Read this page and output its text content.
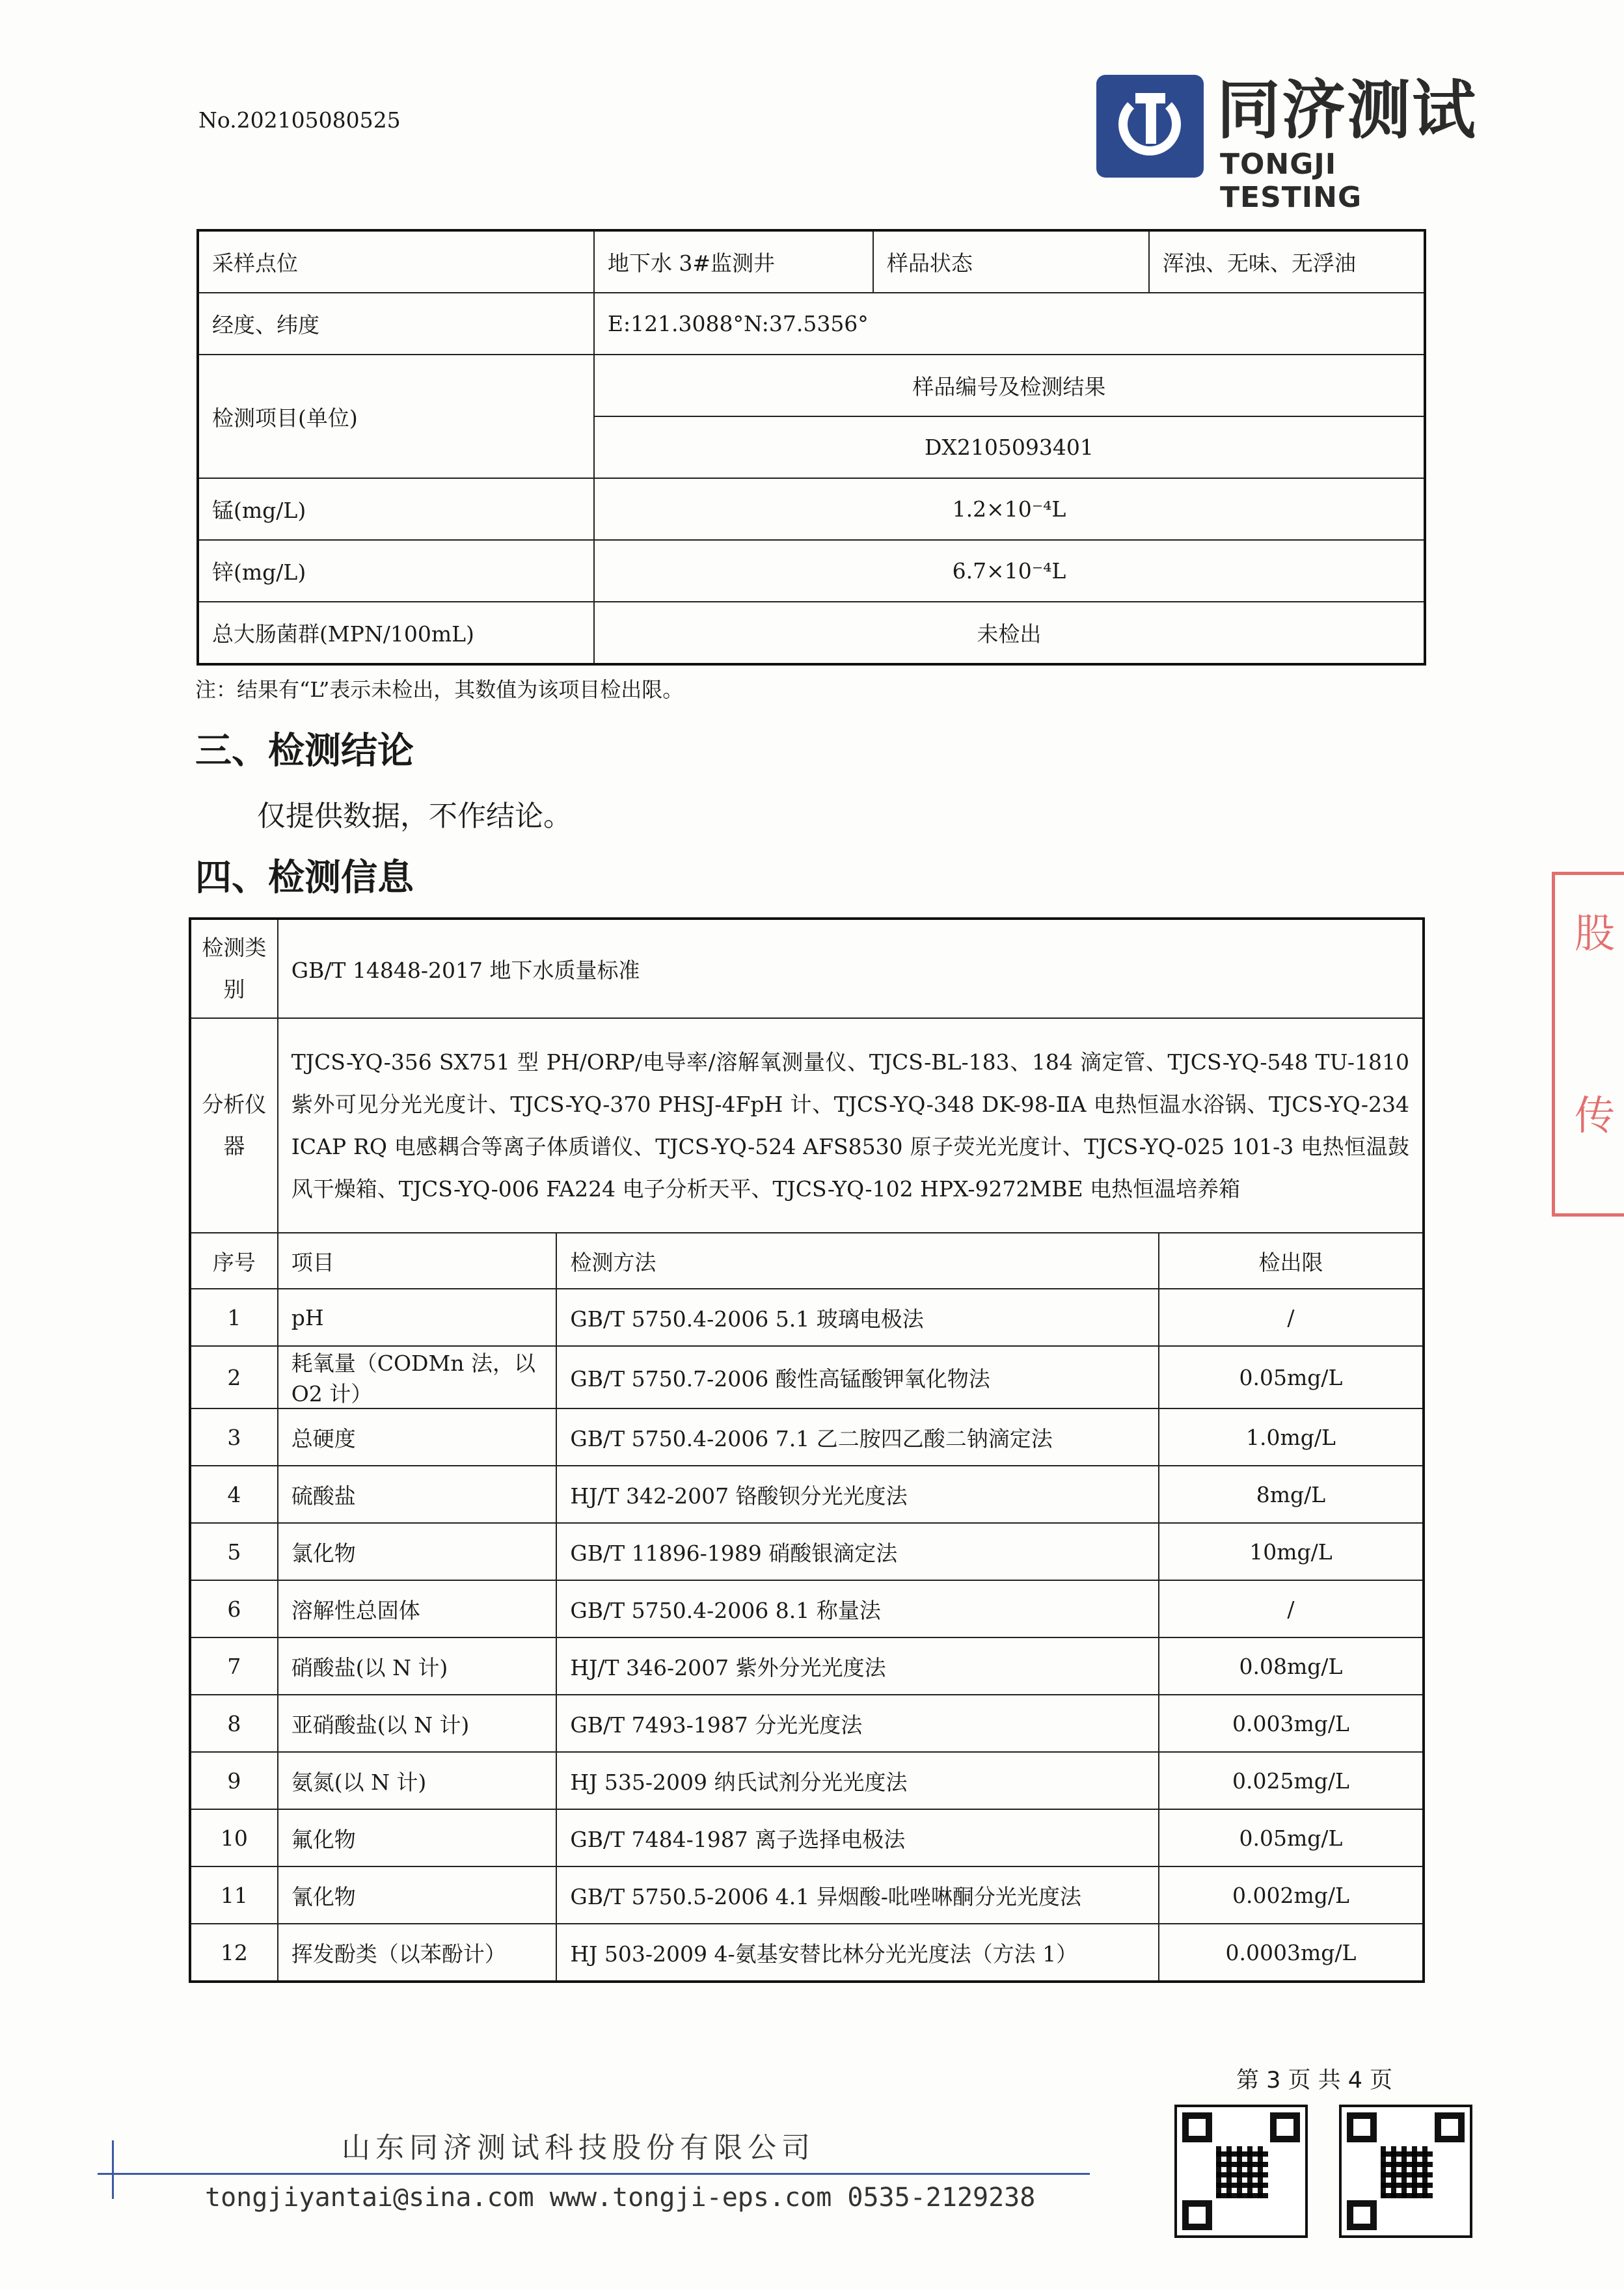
No.202105080525	同济测试
TONGJI TESTING
采样点位	地下水 3#监测井	样品状态	浑浊、无味、无浮油
经度、纬度	E:121.3088°N:37.5356°		
检测项目(单位)	样品编号及检测结果		
	DX2105093401		
锰(mg/L)	1.2×10⁻⁴L		
锌(mg/L)	6.7×10⁻⁴L		
总大肠菌群(MPN/100mL)	未检出		
注：结果有“L”表示未检出，其数值为该项目检出限。
三、检测结论
仅提供数据，不作结论。
四、检测信息
检测类别	GB/T 14848-2017 地下水质量标准		
分析仪器	TJCS-YQ-356 SX751 型 PH/ORP/电导率/溶解氧测量仪、TJCS-BL-183、184 滴定管、TJCS-YQ-548 TU-1810 紫外可见分光光度计、TJCS-YQ-370 PHSJ-4FpH 计、TJCS-YQ-348 DK-98-ⅡA 电热恒温水浴锅、TJCS-YQ-234 ICAP RQ 电感耦合等离子体质谱仪、TJCS-YQ-524 AFS8530 原子荧光光度计、TJCS-YQ-025 101-3 电热恒温鼓风干燥箱、TJCS-YQ-006 FA224 电子分析天平、TJCS-YQ-102 HPX-9272MBE 电热恒温培养箱		
序号	项目	检测方法	检出限
1	pH	GB/T 5750.4-2006 5.1 玻璃电极法	/
2	耗氧量（CODMn 法，以 O2 计）	GB/T 5750.7-2006 酸性高锰酸钾氧化物法	0.05mg/L
3	总硬度	GB/T 5750.4-2006 7.1 乙二胺四乙酸二钠滴定法	1.0mg/L
4	硫酸盐	HJ/T 342-2007 铬酸钡分光光度法	8mg/L
5	氯化物	GB/T 11896-1989 硝酸银滴定法	10mg/L
6	溶解性总固体	GB/T 5750.4-2006 8.1 称量法	/
7	硝酸盐(以 N 计)	HJ/T 346-2007 紫外分光光度法	0.08mg/L
8	亚硝酸盐(以 N 计)	GB/T 7493-1987 分光光度法	0.003mg/L
9	氨氮(以 N 计)	HJ 535-2009 纳氏试剂分光光度法	0.025mg/L
10	氟化物	GB/T 7484-1987 离子选择电极法	0.05mg/L
11	氰化物	GB/T 5750.5-2006 4.1 异烟酸-吡唑啉酮分光光度法	0.002mg/L
12	挥发酚类（以苯酚计）	HJ 503-2009 4-氨基安替比林分光光度法（方法 1）	0.0003mg/L
第 3 页 共 4 页
股
传
山东同济测试科技股份有限公司
tongjiyantai@sina.com www.tongji-eps.com 0535-2129238
